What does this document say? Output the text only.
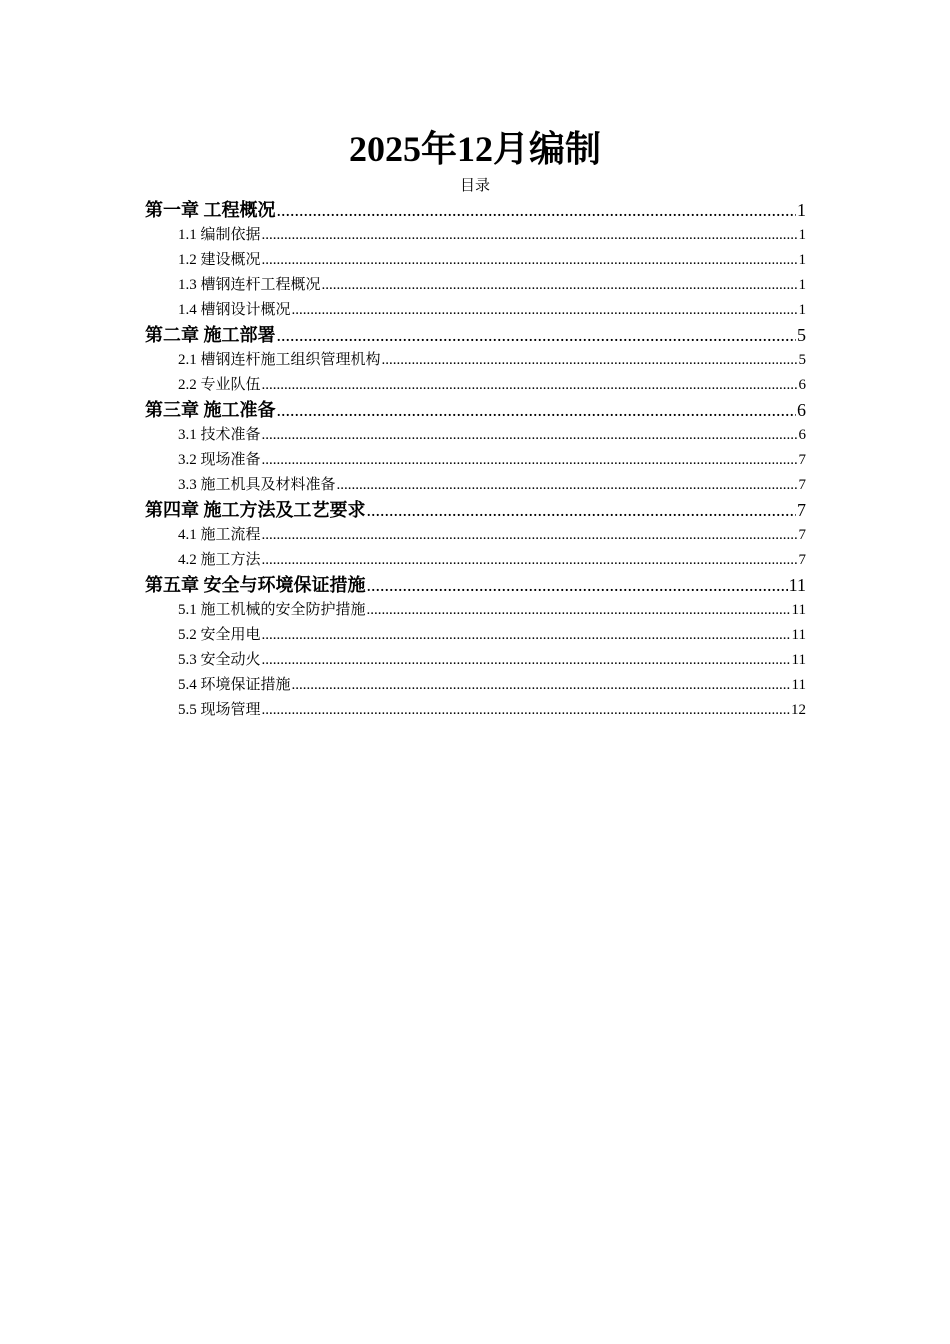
2025年12月编制
目录
第一章 工程概况 .....	1
1.1 编制依据 .....	1
1.2 建设概况 .....	1
1.3 槽钢连杆工程概况 .....	1
1.4 槽钢设计概况 .....	1
第二章 施工部署 .....	5
2.1 槽钢连杆施工组织管理机构 .....	5
2.2 专业队伍 .....	6
第三章 施工准备 .....	6
3.1 技术准备 .....	6
3.2 现场准备 .....	7
3.3 施工机具及材料准备 .....	7
第四章 施工方法及工艺要求 .....	7
4.1 施工流程 .....	7
4.2 施工方法 .....	7
第五章 安全与环境保证措施 .....	11
5.1 施工机械的安全防护措施 .....	11
5.2 安全用电 .....	11
5.3 安全动火 .....	11
5.4 环境保证措施 .....	11
5.5 现场管理 .....	12
